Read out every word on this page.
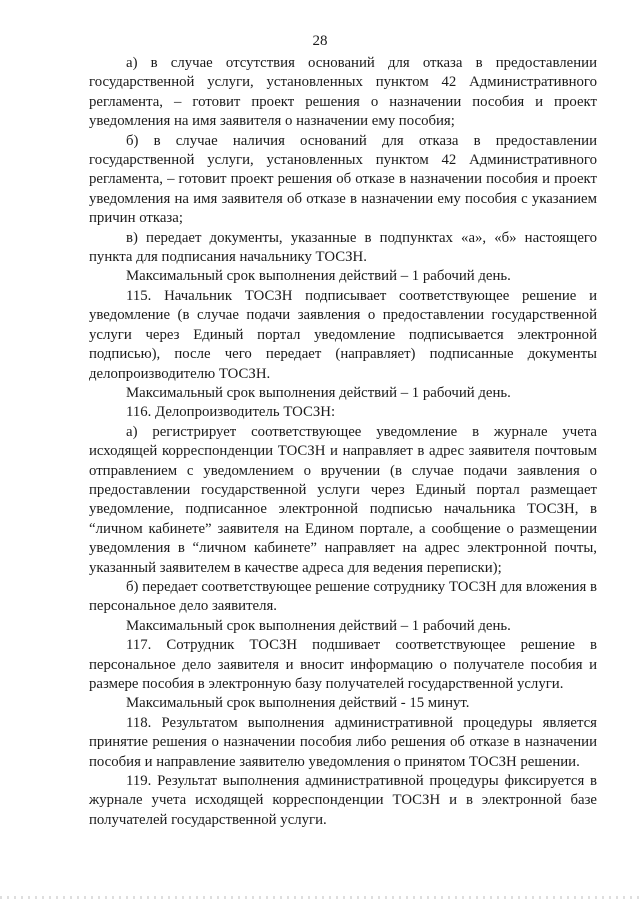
28

а) в случае отсутствия оснований для отказа в предоставлении государственной услуги, установленных пунктом 42 Административного регламента, – готовит проект решения о назначении пособия и проект уведомления на имя заявителя о назначении ему пособия;

б) в случае наличия оснований для отказа в предоставлении государственной услуги, установленных пунктом 42 Административного регламента, – готовит проект решения об отказе в назначении пособия и проект уведомления на имя заявителя об отказе в назначении ему пособия с указанием причин отказа;

в) передает документы, указанные в подпунктах «а», «б» настоящего пункта для подписания начальнику ТОСЗН.

Максимальный срок выполнения действий – 1 рабочий день.

115. Начальник ТОСЗН подписывает соответствующее решение и уведомление (в случае подачи заявления о предоставлении государственной услуги через Единый портал уведомление подписывается электронной подписью), после чего передает (направляет) подписанные документы делопроизводителю ТОСЗН.

Максимальный срок выполнения действий – 1 рабочий день.

116. Делопроизводитель ТОСЗН:

а) регистрирует соответствующее уведомление в журнале учета исходящей корреспонденции ТОСЗН и направляет в адрес заявителя почтовым отправлением с уведомлением о вручении (в случае подачи заявления о предоставлении государственной услуги через Единый портал размещает уведомление, подписанное электронной подписью начальника ТОСЗН, в “личном кабинете” заявителя на Едином портале, а сообщение о размещении уведомления в “личном кабинете” направляет на адрес электронной почты, указанный заявителем в качестве адреса для ведения переписки);

б) передает соответствующее решение сотруднику ТОСЗН для вложения в персональное дело заявителя.

Максимальный срок выполнения действий – 1 рабочий день.

117. Сотрудник ТОСЗН подшивает соответствующее решение в персональное дело заявителя и вносит информацию о получателе пособия и размере пособия в электронную базу получателей государственной услуги.

Максимальный срок выполнения действий - 15 минут.

118. Результатом выполнения административной процедуры является принятие решения о назначении пособия либо решения об отказе в назначении пособия и направление заявителю уведомления о принятом ТОСЗН решении.

119. Результат выполнения административной процедуры фиксируется в журнале учета исходящей корреспонденции ТОСЗН и в электронной базе получателей государственной услуги.
